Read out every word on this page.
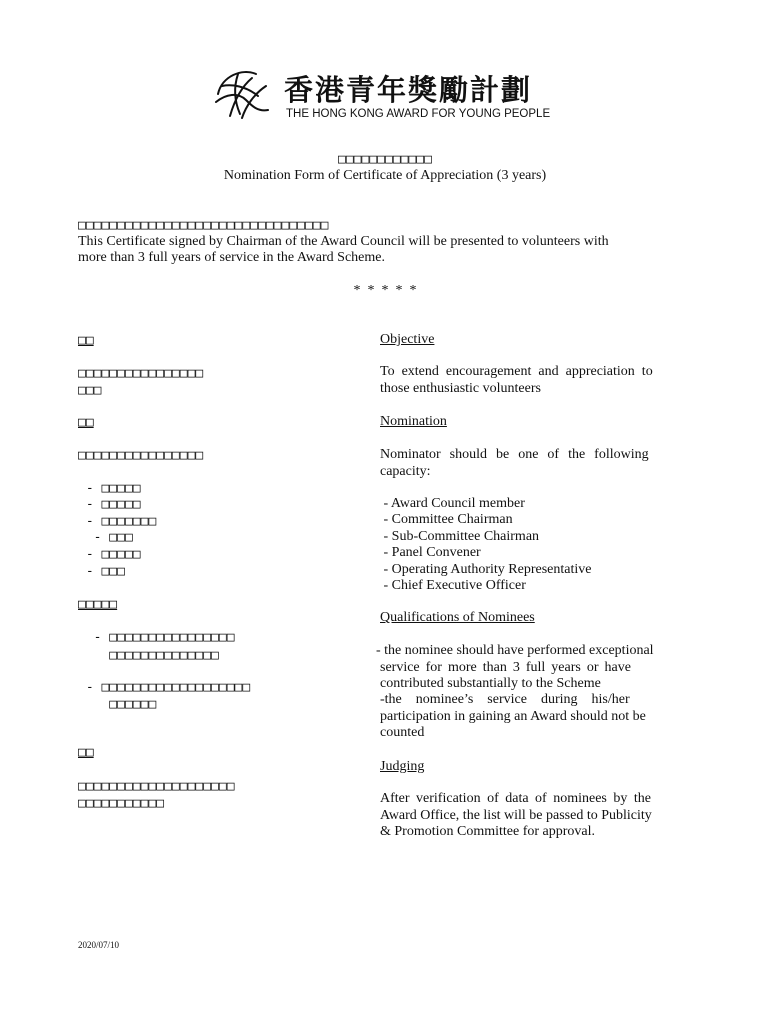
香港青年獎勵計劃
THE HONG KONG AWARD FOR YOUNG PEOPLE
□□□□□□□□□□□□
Nomination Form of Certificate of Appreciation (3 years)
□□□□□□□□□□□□□□□□□□□□□□□□□□□□□□□□
This Certificate signed by Chairman of the Award Council will be presented to volunteers with
more than 3 full years of service in the Award Scheme.
*  *  *  *  *
□□
□□□□□□□□□□□□□□□□
□□□
□□
□□□□□□□□□□□□□□□□
- □□□□□
- □□□□□
- □□□□□□□
- □□□
- □□□□□
- □□□
□□□□□
- □□□□□□□□□□□□□□□□
□□□□□□□□□□□□□□
- □□□□□□□□□□□□□□□□□□□
□□□□□□
□□
□□□□□□□□□□□□□□□□□□□□
□□□□□□□□□□□
Objective
To extend encouragement and appreciation to
those enthusiastic volunteers
Nomination
Nominator should be one of the following
capacity:
- Award Council member
- Committee Chairman
- Sub-Committee Chairman
- Panel Convener
- Operating Authority Representative
- Chief Executive Officer
Qualifications of Nominees
- the nominee should have performed exceptional
service for more than 3 full years or have
contributed substantially to the Scheme
-the    nominee’s    service    during    his/her
participation in gaining an Award should not be
counted
Judging
After verification of data of nominees by the
Award Office, the list will be passed to Publicity
& Promotion Committee for approval.
2020/07/10
